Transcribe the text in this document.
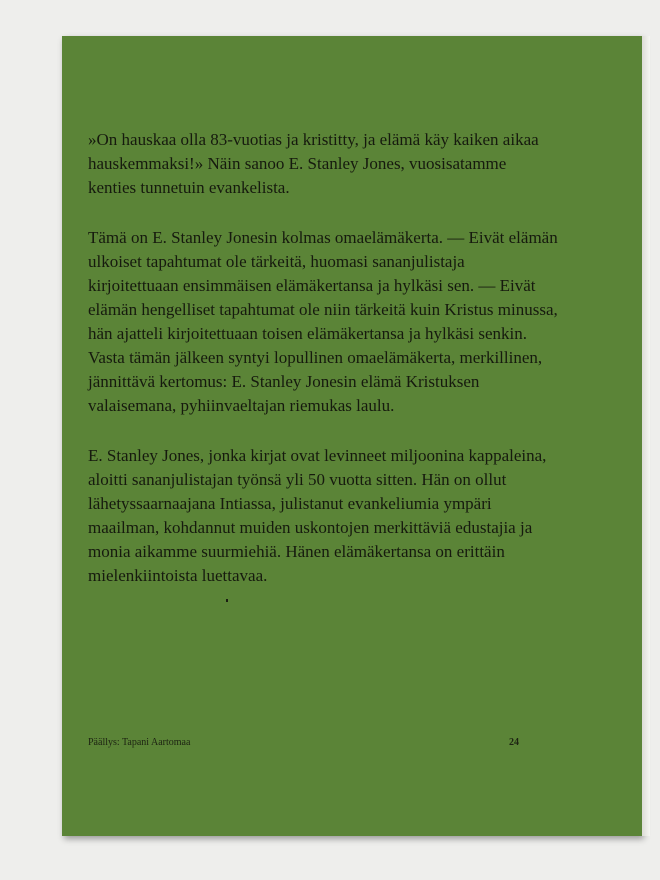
»On hauskaa olla 83-vuotias ja kristitty, ja elämä käy kaiken aikaa hauskemmaksi!» Näin sanoo E. Stanley Jones, vuosisatamme kenties tunnetuin evankelista.

Tämä on E. Stanley Jonesin kolmas omaelämäkerta. — Eivät elämän ulkoiset tapahtumat ole tärkeitä, huomasi sananjulistaja kirjoitettuaan ensimmäisen elämäkertansa ja hylkäsi sen. — Eivät elämän hengelliset tapahtumat ole niin tärkeitä kuin Kristus minussa, hän ajatteli kirjoitettuaan toisen elämäkertansa ja hylkäsi senkin. Vasta tämän jälkeen syntyi lopullinen omaelämäkerta, merkillinen, jännittävä kertomus: E. Stanley Jonesin elämä Kristuksen valaisemana, pyhiinvaeltajan riemukas laulu.

E. Stanley Jones, jonka kirjat ovat levinneet miljoonina kappaleina, aloitti sananjulistajan työnsä yli 50 vuotta sitten. Hän on ollut lähetyssaarnaajana Intiassa, julistanut evankeliumia ympäri maailman, kohdannut muiden uskontojen merkittäviä edustajia ja monia aikamme suurmiehiä. Hänen elämäkertansa on erittäin mielenkiintoista luettavaa.

Päällys: Tapani Aartomaa	24
